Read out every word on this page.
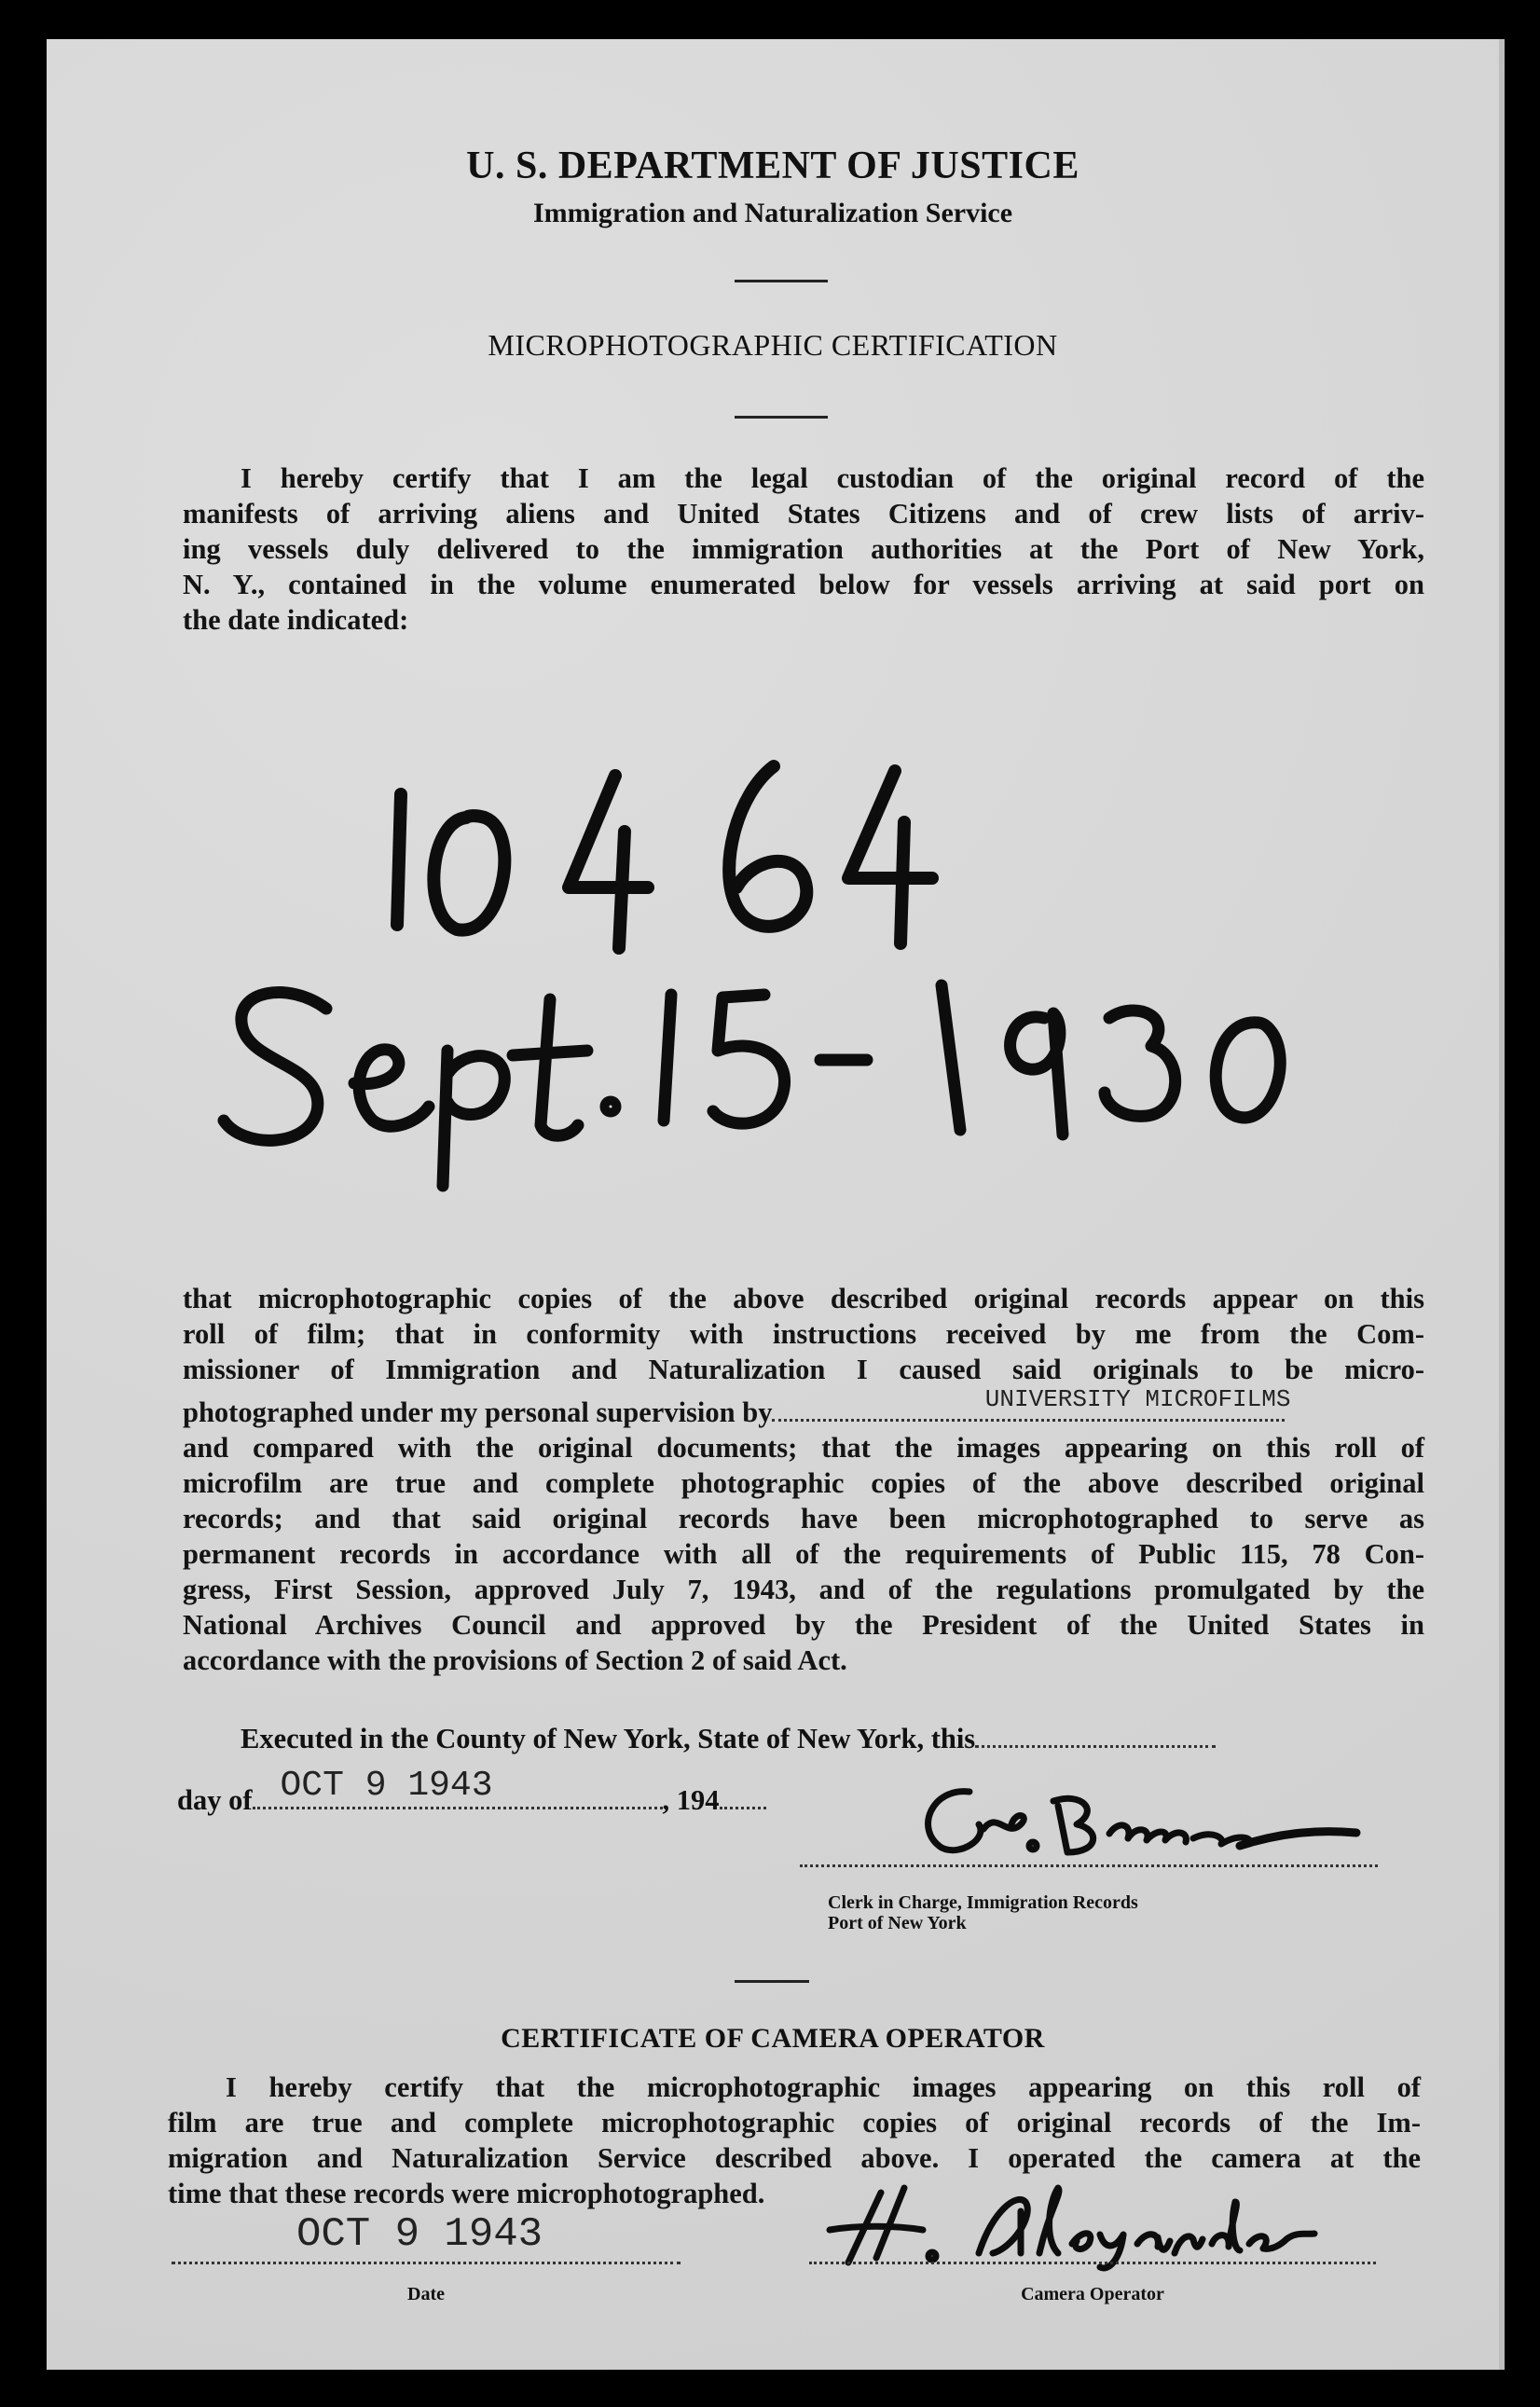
U. S. DEPARTMENT OF JUSTICE
Immigration and Naturalization Service
MICROPHOTOGRAPHIC CERTIFICATION
I hereby certify that I am the legal custodian of the original record of the
manifests of arriving aliens and United States Citizens and of crew lists of arriv-
ing vessels duly delivered to the immigration authorities at the Port of New York,
N. Y., contained in the volume enumerated below for vessels arriving at said port on
the date indicated:
that microphotographic copies of the above described original records appear on this
roll of film; that in conformity with instructions received by me from the Com-
missioner of Immigration and Naturalization I caused said originals to be micro-
photographed under my personal supervision by	UNIVERSITY MICROFILMS
and compared with the original documents; that the images appearing on this roll of
microfilm are true and complete photographic copies of the above described original
records; and that said original records have been microphotographed to serve as
permanent records in accordance with all of the requirements of Public 115, 78 Con-
gress, First Session, approved July 7, 1943, and of the regulations promulgated by the
National Archives Council and approved by the President of the United States in
accordance with the provisions of Section 2 of said Act.
Executed in the County of New York, State of New York, this
day of OCT 9 1943	, 194
Clerk in Charge, Immigration Records
Port of New York
CERTIFICATE OF CAMERA OPERATOR
I hereby certify that the microphotographic images appearing on this roll of
film are true and complete microphotographic copies of original records of the Im-
migration and Naturalization Service described above. I operated the camera at the
time that these records were microphotographed.
OCT 9 1943
Date	Camera Operator
